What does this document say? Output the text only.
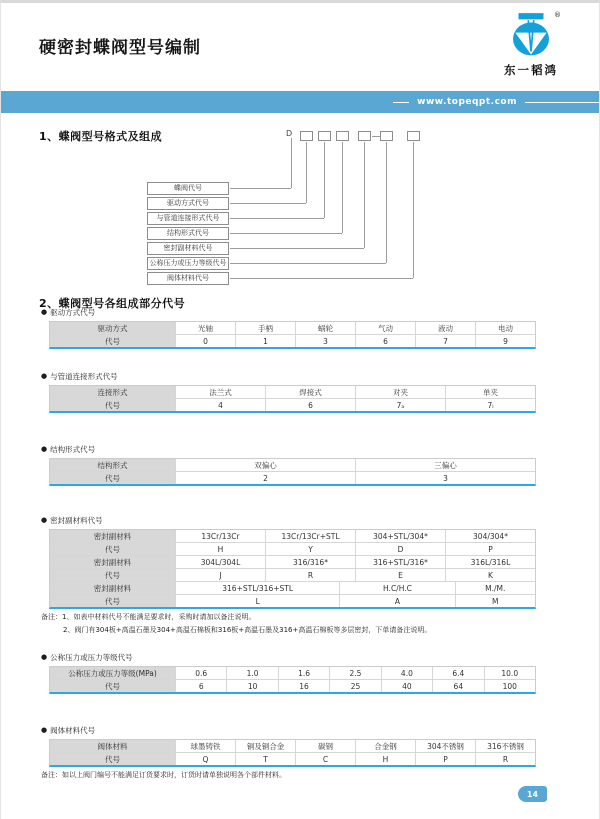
硬密封蝶阀型号编制
®
东一韬鸿
www.topeqpt.com
1、蝶阀型号格式及组成
2、蝶阀型号各组成部分代号
● 驱动方式代号
驱动方式	光轴	手柄	蜗轮	气动	液动	电动
代号	0	1	3	6	7	9
● 与管道连接形式代号
连接形式	法兰式	焊接式	对夹	单夹
代号	4	6	7ₐ	7ₗ
● 结构形式代号
结构形式	双偏心	三偏心
代号	2	3
● 密封副材料代号
密封副材料	13Cr/13Cr	13Cr/13Cr+STL	304+STL/304*	304/304*
代号	H	Y	D	P
密封副材料	304L/304L	316/316*	316+STL/316*	316L/316L
代号	J	R	E	K
密封副材料	316+STL/316+STL	H.C/H.C	M./M.
代号	L	A	M
备注：1、如表中材料代号不能满足要求时，采购时请加以备注说明。
2、阀门有304板+高温石墨及304+高温石棉板和316板+高温石墨及316+高温石棉板等多层密封，下单请备注说明。
● 公称压力或压力等级代号
公称压力或压力等级(MPa)	0.6	1.0	1.6	2.5	4.0	6.4	10.0
代号	6	10	16	25	40	64	100
● 阀体材料代号
阀体材料	球墨铸铁	铜及铜合金	碳钢	合金钢	304不锈钢	316不锈钢
代号	Q	T	C	H	P	R
备注：如以上阀门编号不能满足订货要求时，订货时请单独说明各个部件材料。
14
D
蝶阀代号
驱动方式代号
与管道连接形式代号
结构形式代号
密封副材料代号
公称压力或压力等级代号
阀体材料代号
